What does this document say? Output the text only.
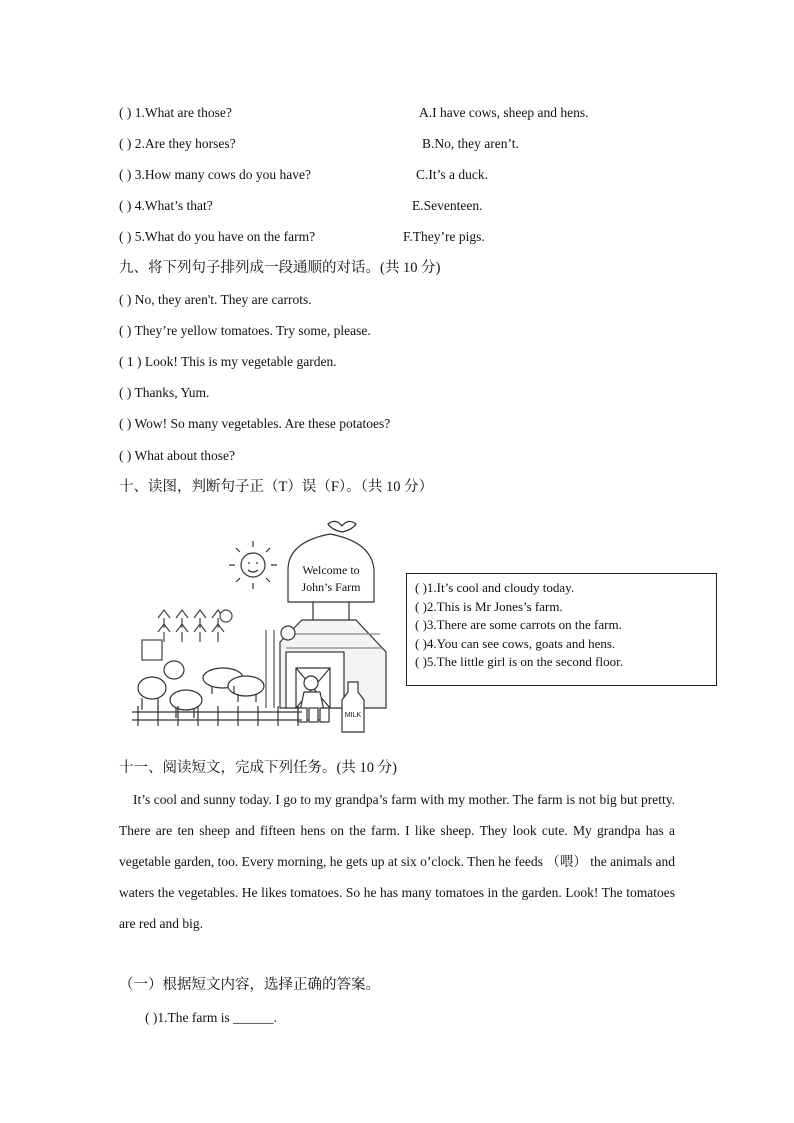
( ) 1.What are those?
( ) 2.Are they horses?
( ) 3.How many cows do you have?
( ) 4.What’s that?
( ) 5.What do you have on the farm?
A.I have cows, sheep and hens.
B.No, they aren’t.
C.It’s a duck.
E.Seventeen.
F.They’re pigs.
九、将下列句子排列成一段通顺的对话。(共 10 分)
( ) No, they aren't. They are carrots.
( ) They’re yellow tomatoes. Try some, please.
( 1 ) Look! This is my vegetable garden.
( ) Thanks, Yum.
( ) Wow! So many vegetables. Are these potatoes?
( ) What about those?
十、读图，判断句子正（T）误（F）。（共 10 分）
Welcome to
John’s Farm
MILK
( )1.It’s cool and cloudy today.
( )2.This is Mr Jones’s farm.
( )3.There are some carrots on the farm.
( )4.You can see cows, goats and hens.
( )5.The little girl is on the second floor.
十一、阅读短文，完成下列任务。(共 10 分)
It’s cool and sunny today. I go to my grandpa’s farm with my mother. The farm is not big but pretty. There are ten sheep and fifteen hens on the farm. I like sheep. They look cute. My grandpa has a vegetable garden, too. Every morning, he gets up at six o’clock. Then he feeds （喂） the animals and waters the vegetables. He likes tomatoes. So he has many tomatoes in the garden. Look! The tomatoes are red and big.
（一）根据短文内容，选择正确的答案。
( )1.The farm is ______.
